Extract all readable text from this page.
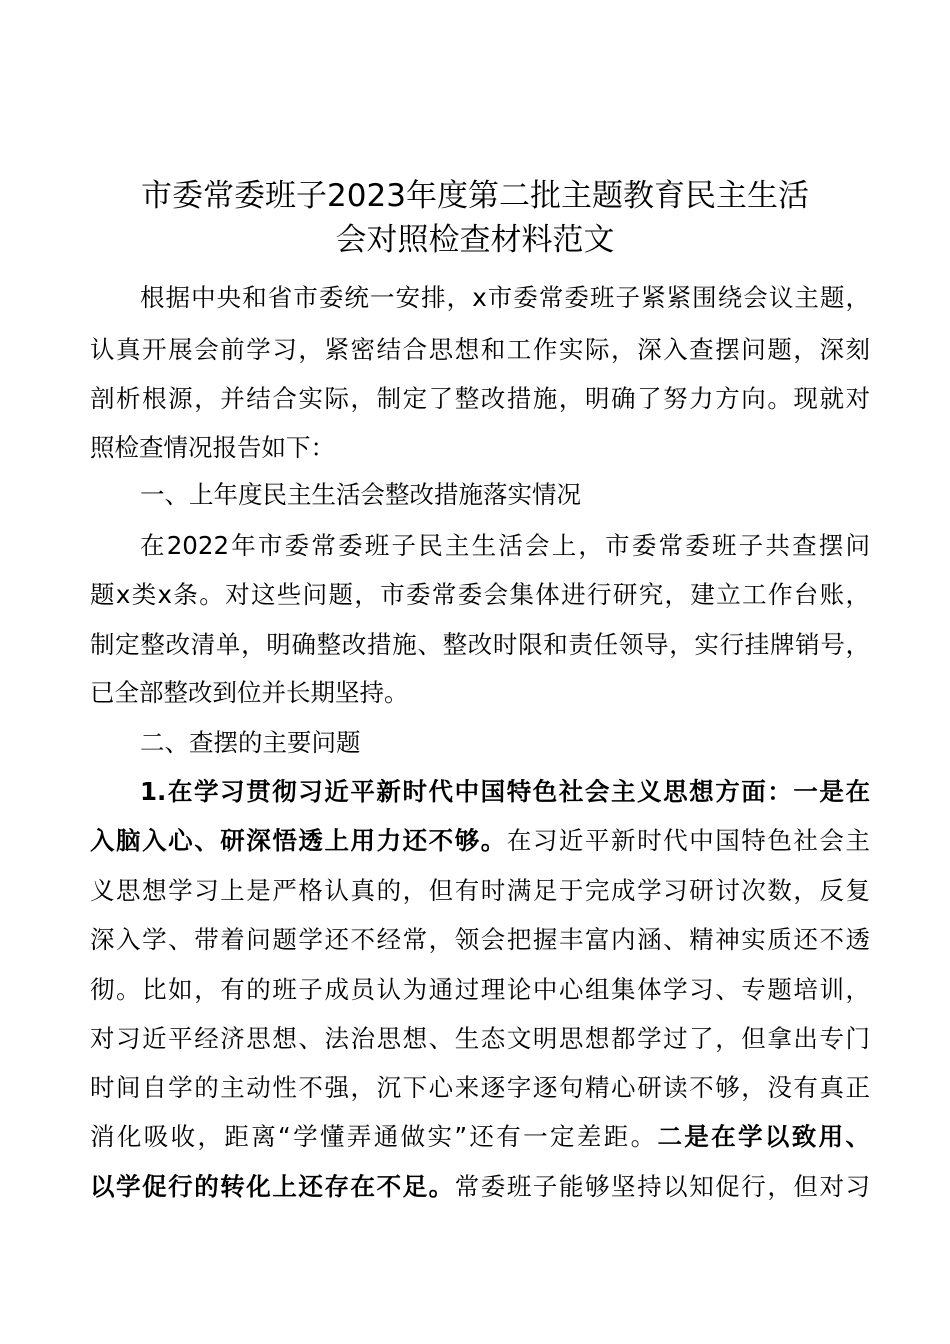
市委常委班子2023年度第二批主题教育民主生活
会对照检查材料范文
根据中央和省市委统一安排，x市委常委班子紧紧围绕会议主题，
认真开展会前学习，紧密结合思想和工作实际，深入查摆问题，深刻
剖析根源，并结合实际，制定了整改措施，明确了努力方向。现就对
照检查情况报告如下：
一、上年度民主生活会整改措施落实情况
在2022年市委常委班子民主生活会上，市委常委班子共查摆问
题x类x条。对这些问题，市委常委会集体进行研究，建立工作台账，
制定整改清单，明确整改措施、整改时限和责任领导，实行挂牌销号，
已全部整改到位并长期坚持。
二、查摆的主要问题
1.在学习贯彻习近平新时代中国特色社会主义思想方面：一是在
入脑入心、研深悟透上用力还不够。在习近平新时代中国特色社会主
义思想学习上是严格认真的，但有时满足于完成学习研讨次数，反复
深入学、带着问题学还不经常，领会把握丰富内涵、精神实质还不透
彻。比如，有的班子成员认为通过理论中心组集体学习、专题培训，
对习近平经济思想、法治思想、生态文明思想都学过了，但拿出专门
时间自学的主动性不强，沉下心来逐字逐句精心研读不够，没有真正
消化吸收，距离“学懂弄通做实”还有一定差距。二是在学以致用、
以学促行的转化上还存在不足。常委班子能够坚持以知促行，但对习
